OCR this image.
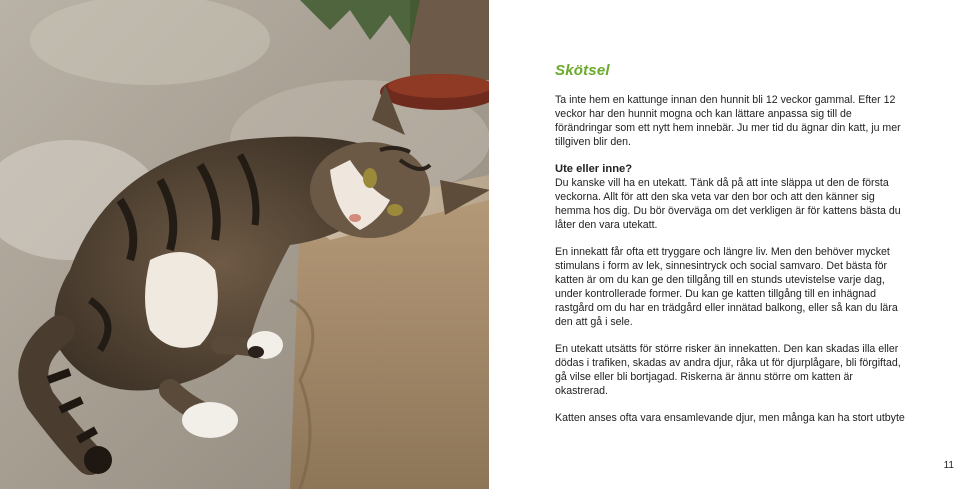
Skötsel

Ta inte hem en kattunge innan den hunnit bli 12 veckor gammal. Efter 12 veckor har den hunnit mogna och kan lättare anpassa sig till de förändringar som ett nytt hem innebär. Ju mer tid du ägnar din katt, ju mer tillgiven blir den.

Ute eller inne?

Du kanske vill ha en utekatt. Tänk då på att inte släppa ut den de första veckorna. Allt för att den ska veta var den bor och att den känner sig hemma hos dig. Du bör överväga om det verkligen är för kattens bästa du låter den vara utekatt.

En innekatt får ofta ett tryggare och längre liv. Men den behöver mycket stimulans i form av lek, sinnesintryck och social samvaro. Det bästa för katten är om du kan ge den tillgång till en stunds utevistelse varje dag, under kontrollerade former. Du kan ge katten tillgång till en inhägnad rastgård om du har en trädgård eller innätad balkong, eller så kan du lära den att gå i sele.

En utekatt utsätts för större risker än innekatten. Den kan skadas illa eller dödas i trafiken, skadas av andra djur, råka ut för djurplågare, bli förgiftad, gå vilse eller bli bortjagad. Riskerna är ännu större om katten är okastrerad.

Katten anses ofta vara ensamlevande djur, men många kan ha stort utbyte

11
